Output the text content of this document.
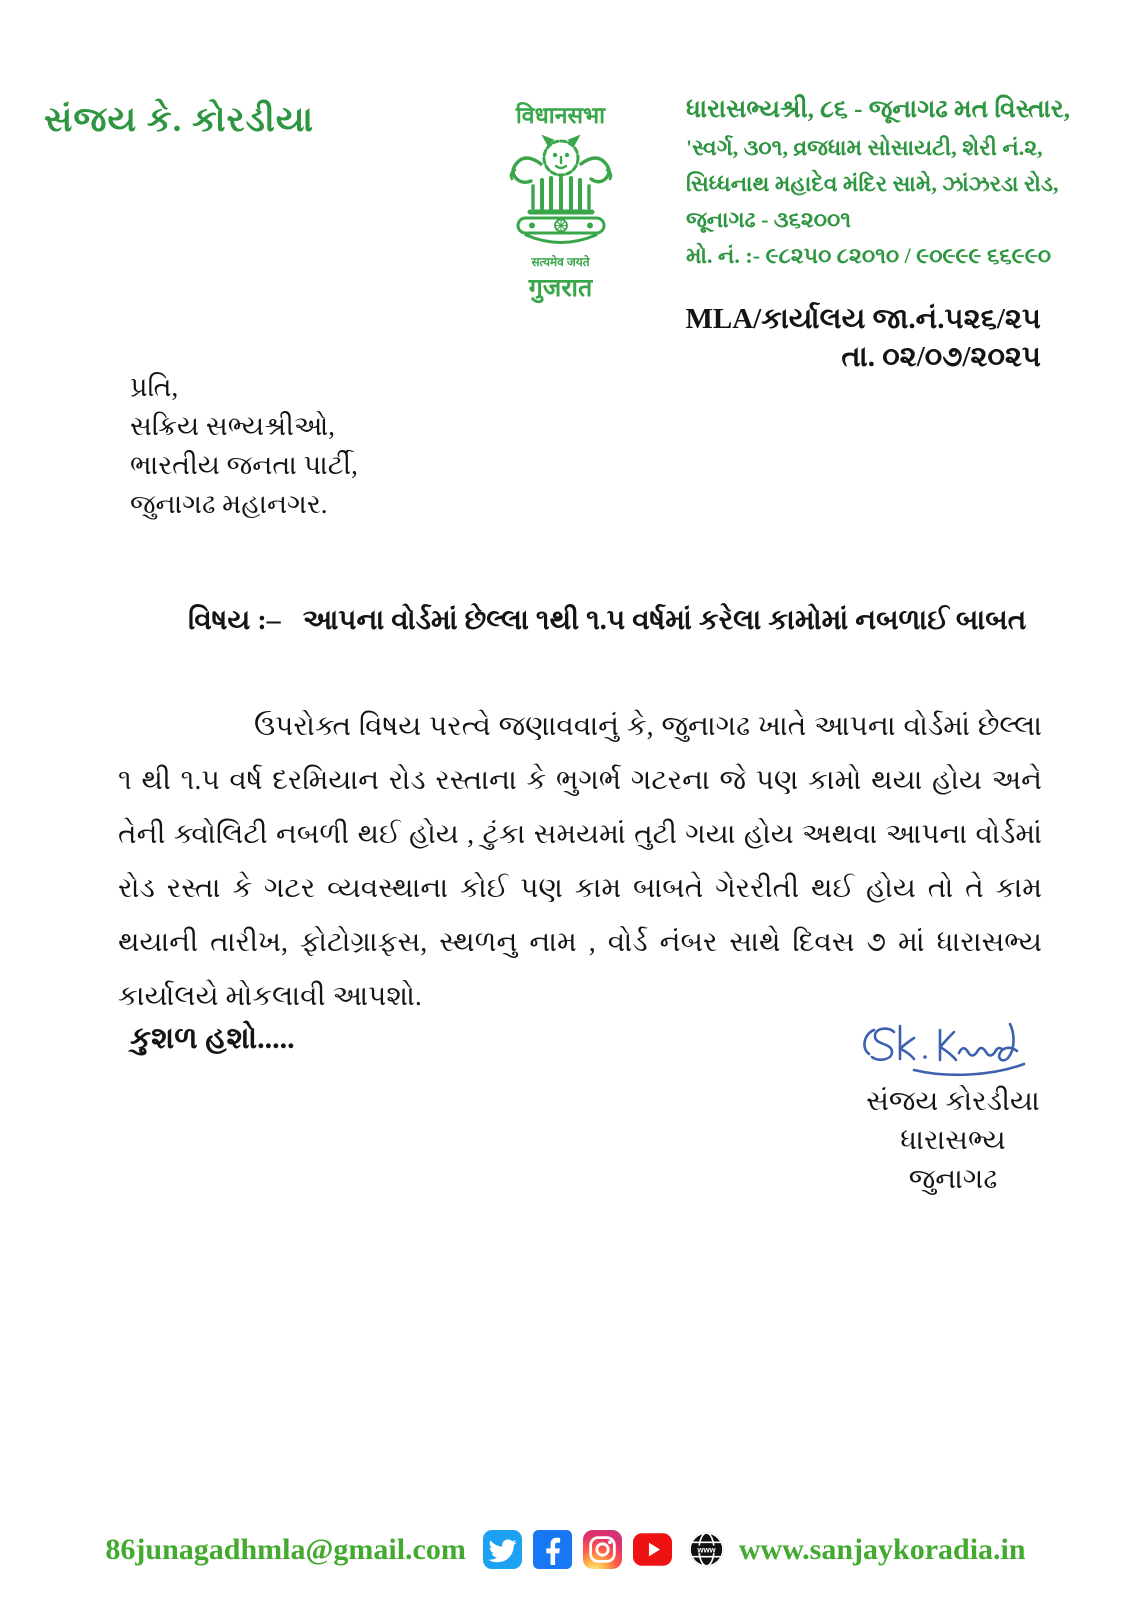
સંજય કે. કોરડીયા	विधानसभा
सत्यमेव जयते
गुजरात
ધારાસભ્યશ્રી, ૮૬ - જૂનાગઢ મત વિસ્તાર,
'સ્વર્ગ, ૩૦૧, વ્રજધામ સોસાયટી, શેરી નં.૨,
સિધ્ધનાથ મહાદેવ મંદિર સામે, ઝાંઝરડા રોડ,
જૂનાગઢ - ૩૬૨૦૦૧
મો. નં. :- ૯૮૨૫૦ ૮૨૦૧૦ / ૯૦૯૯૯ ૬૬૯૯૦
MLA/કાર્યાલય જા.નં.૫૨૬/૨૫
તા. ૦૨/૦૭/૨૦૨૫
પ્રતિ,
સક્રિય સભ્યશ્રીઓ,
ભારતીય જનતા પાર્ટી,
જુનાગઢ મહાનગર.
વિષય :– આપના વોર્ડમાં છેલ્લા ૧થી ૧.૫ વર્ષમાં કરેલા કામોમાં નબળાઈ બાબત
ઉપરોક્ત વિષય પરત્વે જણાવવાનું કે, જુનાગઢ ખાતે આપના વોર્ડમાં છેલ્લા ૧ થી ૧.૫ વર્ષ દરમિયાન રોડ રસ્તાના કે ભુગર્ભ ગટરના જે પણ કામો થયા હોય અને તેની ક્વોલિટી નબળી થઈ હોય , ટુંકા સમયમાં તુટી ગયા હોય અથવા આપના વોર્ડમાં રોડ રસ્તા કે ગટર વ્યવસ્થાના કોઈ પણ કામ બાબતે ગેરરીતી થઈ હોય તો તે કામ થયાની તારીખ, ફોટોગ્રાફસ, સ્થળનુ નામ , વોર્ડ નંબર સાથે દિવસ ૭ માં ધારાસભ્ય કાર્યાલયે મોકલાવી આપશો.
કુશળ હશો.....
સંજય કોરડીયા
ધારાસભ્ય
જુનાગઢ
86junagadhmla@gmail.com	www www.sanjaykoradia.in
